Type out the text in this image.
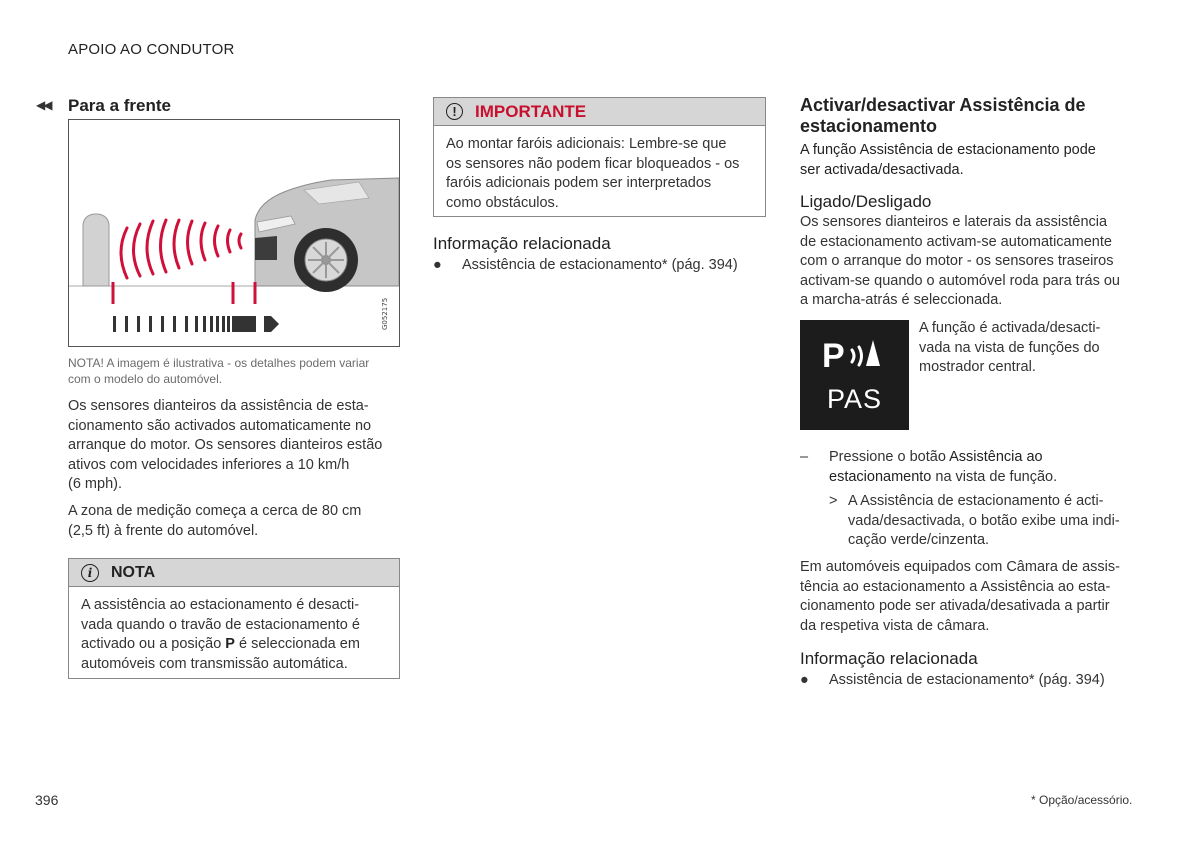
APOIO AO CONDUTOR
◀◀ Para a frente
G052175
NOTA! A imagem é ilustrativa - os detalhes podem variar
com o modelo do automóvel.

Os sensores dianteiros da assistência de esta-

cionamento são activados automaticamente no

arranque do motor. Os sensores dianteiros estão

ativos com velocidades inferiores a 10 km/h

(6 mph).

A zona de medição começa a cerca de 80 cm

(2,5 ft) à frente do automóvel.

i	NOTA
A assistência ao estacionamento é desacti-
vada quando o travão de estacionamento é
activado ou a posição P é seleccionada em
automóveis com transmissão automática.
!	IMPORTANTE
Ao montar faróis adicionais: Lembre-se que
os sensores não podem ficar bloqueados - os
faróis adicionais podem ser interpretados
como obstáculos.
Informação relacionada
●	Assistência de estacionamento* (pág. 394)
Activar/desactivar Assistência de
estacionamento

A função Assistência de estacionamento pode

ser activada/desactivada.

Ligado/Desligado

Os sensores dianteiros e laterais da assistência

de estacionamento activam-se automaticamente

com o arranque do motor - os sensores traseiros

activam-se quando o automóvel roda para trás ou

a marcha-atrás é seleccionada.

P
PAS

A função é activada/desacti-

vada na vista de funções do

mostrador central.

–	Pressione o botão Assistência ao
estacionamento na vista de função.
> A Assistência de estacionamento é acti-
vada/desactivada, o botão exibe uma indi-
cação verde/cinzenta.

Em automóveis equipados com Câmara de assis-

tência ao estacionamento a Assistência ao esta-

cionamento pode ser ativada/desativada a partir

da respetiva vista de câmara.

Informação relacionada
●	Assistência de estacionamento* (pág. 394)
396	* Opção/acessório.
